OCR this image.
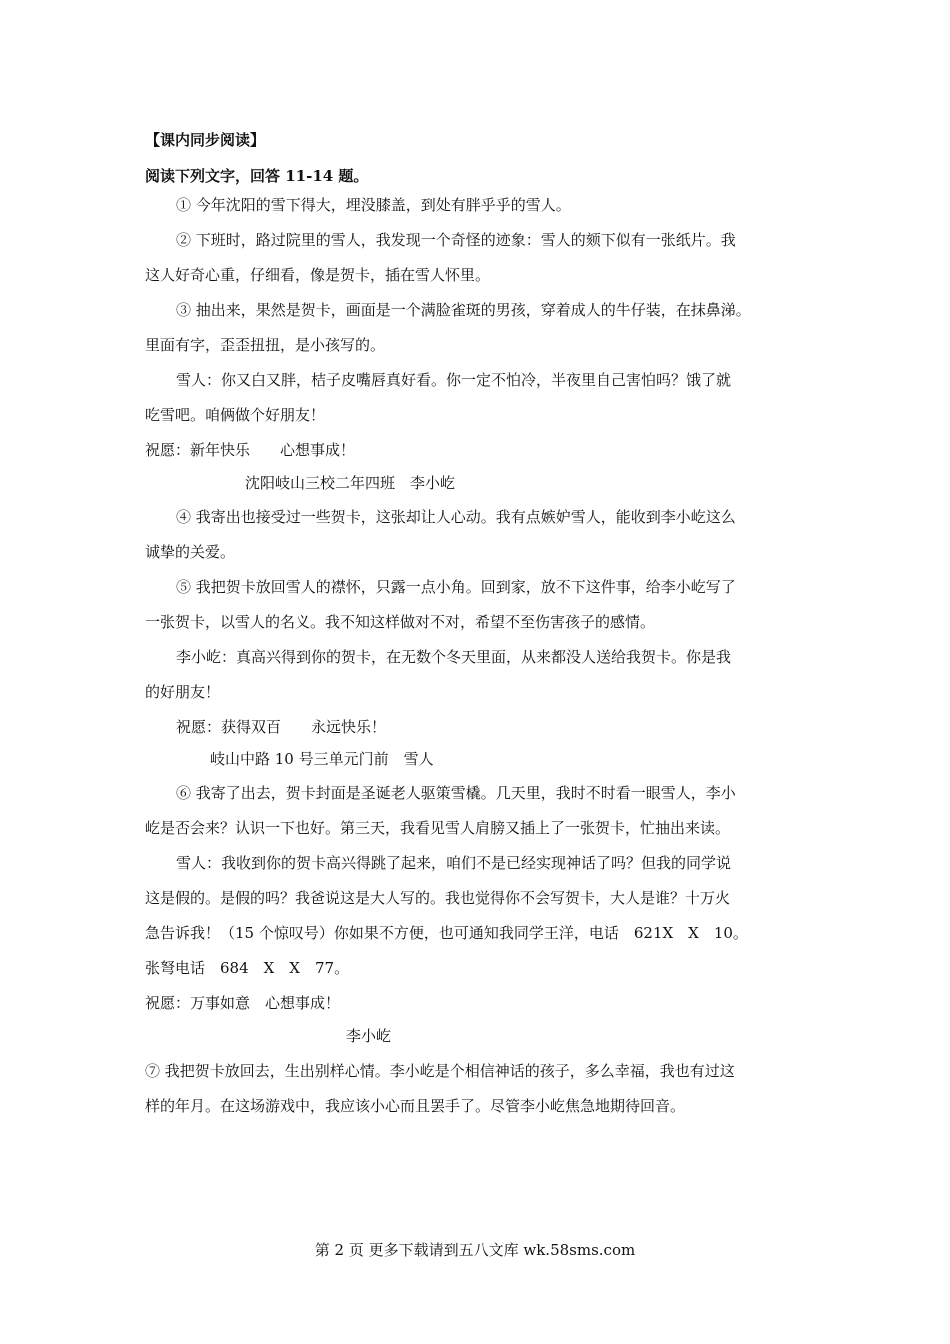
【课内同步阅读】
阅读下列文字，回答 11-14 题。
① 今年沈阳的雪下得大，埋没膝盖，到处有胖乎乎的雪人。
② 下班时，路过院里的雪人，我发现一个奇怪的迹象：雪人的颏下似有一张纸片。我
这人好奇心重，仔细看，像是贺卡，插在雪人怀里。
③ 抽出来，果然是贺卡，画面是一个满脸雀斑的男孩，穿着成人的牛仔装，在抹鼻涕。
里面有字，歪歪扭扭，是小孩写的。
雪人：你又白又胖，桔子皮嘴唇真好看。你一定不怕冷，半夜里自己害怕吗？饿了就
吃雪吧。咱俩做个好朋友！
祝愿：新年快乐　　心想事成！
沈阳岐山三校二年四班　李小屹
④ 我寄出也接受过一些贺卡，这张却让人心动。我有点嫉妒雪人，能收到李小屹这么
诚挚的关爱。
⑤ 我把贺卡放回雪人的襟怀，只露一点小角。回到家，放不下这件事，给李小屹写了
一张贺卡，以雪人的名义。我不知这样做对不对，希望不至伤害孩子的感情。
李小屹：真高兴得到你的贺卡，在无数个冬天里面，从来都没人送给我贺卡。你是我
的好朋友！
祝愿：获得双百　　永远快乐！
岐山中路 10 号三单元门前　雪人
⑥ 我寄了出去，贺卡封面是圣诞老人驱策雪橇。几天里，我时不时看一眼雪人，李小
屹是否会来？认识一下也好。第三天，我看见雪人肩膀又插上了一张贺卡，忙抽出来读。
雪人：我收到你的贺卡高兴得跳了起来，咱们不是已经实现神话了吗？但我的同学说
这是假的。是假的吗？我爸说这是大人写的。我也觉得你不会写贺卡，大人是谁？十万火
急告诉我！（15 个惊叹号）你如果不方便，也可通知我同学王洋，电话　621X　X　10。
张弩电话　684　X　X　77。
祝愿：万事如意　心想事成！
李小屹
⑦ 我把贺卡放回去，生出别样心情。李小屹是个相信神话的孩子，多么幸福，我也有过这
样的年月。在这场游戏中，我应该小心而且罢手了。尽管李小屹焦急地期待回音。
第 2 页 更多下载请到五八文库 wk.58sms.com
